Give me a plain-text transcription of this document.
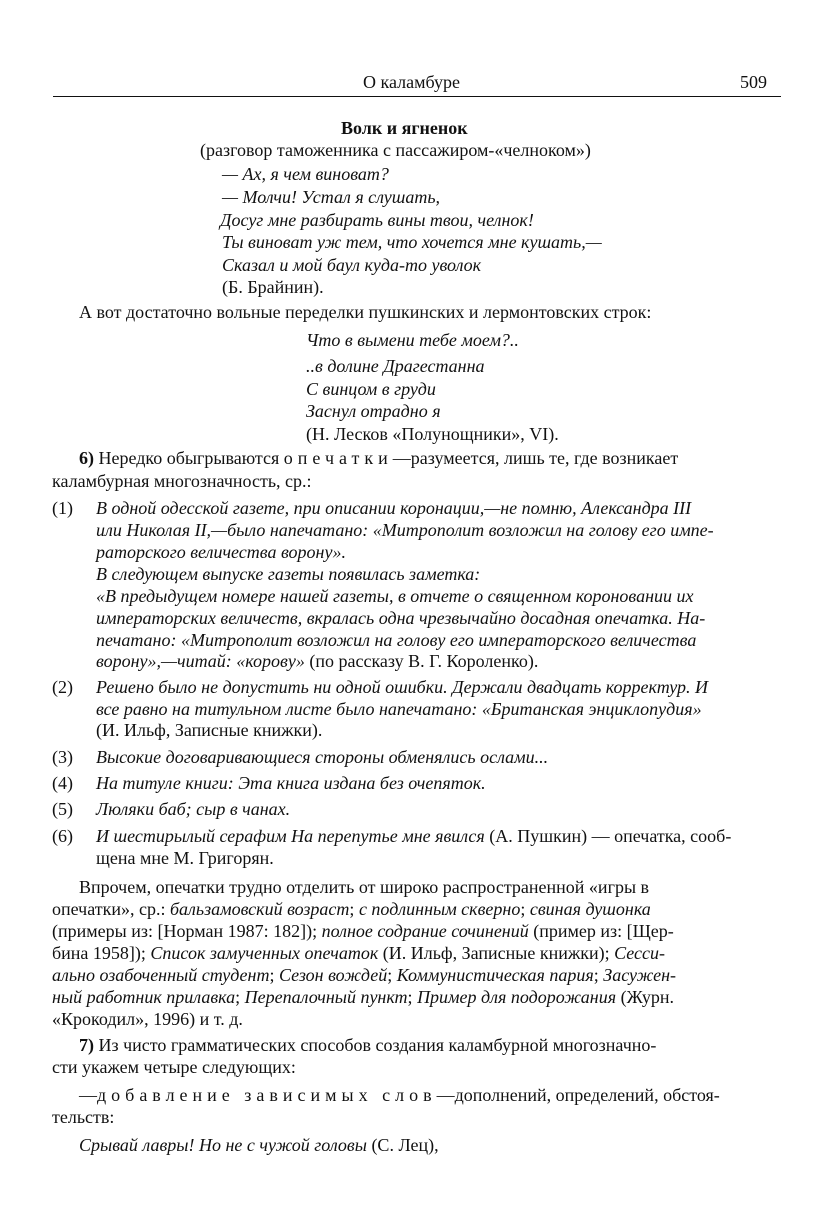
О каламбуре	509
Волк и ягненок
(разговор таможенника с пассажиром-«челноком»)
— Ах, я чем виноват?
— Молчи! Устал я слушать,
Досуг мне разбирать вины твои, челнок!
Ты виноват уж тем, что хочется мне кушать,—
Сказал и мой баул куда-то уволок
(Б. Брайнин).
А вот достаточно вольные переделки пушкинских и лермонтовских строк:
Что в вымени тебе моем?..
..в долине Драгестанна
С винцом в груди
Заснул отрадно я
(Н. Лесков «Полунощники», VI).
6) Нередко обыгрываются опечатки—разумеется, лишь те, где возникает
каламбурная многозначность, ср.:
(1) В одной одесской газете, при описании коронации,—не помню, Александра III
или Николая II,—было напечатано: «Митрополит возложил на голову его импе-
раторского величества ворону».
В следующем выпуске газеты появилась заметка:
«В предыдущем номере нашей газеты, в отчете о священном короновании их
императорских величеств, вкралась одна чрезвычайно досадная опечатка. На-
печатано: «Митрополит возложил на голову его императорского величества
ворону»,—читай: «корову» (по рассказу В. Г. Короленко).
(2) Решено было не допустить ни одной ошибки. Держали двадцать корректур. И
все равно на титульном листе было напечатано: «Британская энциклопудия»
(И. Ильф, Записные книжки).
(3) Высокие договаривающиеся стороны обменялись ослами...
(4) На титуле книги: Эта книга издана без очепяток.
(5) Люляки баб; сыр в чанах.
(6) И шестирылый серафим На перепутье мне явился (А. Пушкин) — опечатка, сооб-
щена мне М. Григорян.
Впрочем, опечатки трудно отделить от широко распространенной «игры в
опечатки», ср.: бальзамовский возраст; с подлинным скверно; свиная душонка
(примеры из: [Норман 1987: 182]); полное содрание сочинений (пример из: [Щер-
бина 1958]); Список замученных опечаток (И. Ильф, Записные книжки); Сесси-
ально озабоченный студент; Сезон вождей; Коммунистическая пария; Засужен-
ный работник прилавка; Перепалочный пункт; Пример для подорожания (Журн.
«Крокодил», 1996) и т. д.
7) Из чисто грамматических способов создания каламбурной многозначно-
сти укажем четыре следующих:
—добавление зависимых слов—дополнений, определений, обстоя-
тельств:
Срывай лавры! Но не с чужой головы (С. Лец),
